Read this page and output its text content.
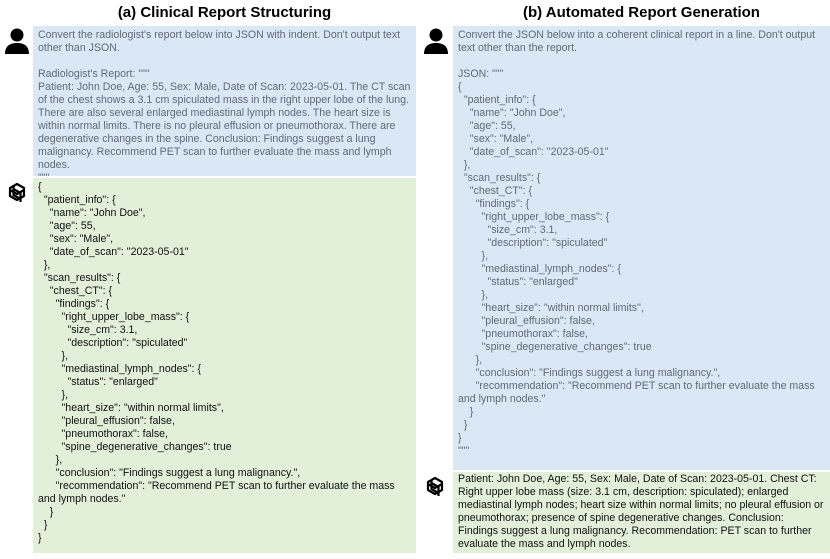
(a) Clinical Report Structuring
Convert the radiologist's report below into JSON with indent. Don't output text other than JSON.

Radiologist's Report: """
Patient: John Doe, Age: 55, Sex: Male, Date of Scan: 2023-05-01. The CT scan of the chest shows a 3.1 cm spiculated mass in the right upper lobe of the lung. There are also several enlarged mediastinal lymph nodes. The heart size is within normal limits. There is no pleural effusion or pneumothorax. There are degenerative changes in the spine. Conclusion: Findings suggest a lung malignancy. Recommend PET scan to further evaluate the mass and lymph nodes.

{
"patient_info": {
"name": "John Doe",
"age": 55,
"sex": "Male",
"date_of_scan": "2023-05-01"
},
"scan_results": {
"chest_CT": {
"findings": {
"right_upper_lobe_mass": {
"size_cm": 3.1,
"description": "spiculated"
},
"mediastinal_lymph_nodes": {
"status": "enlarged"
},
"heart_size": "within normal limits",
"pleural_effusion": false,
"pneumothorax": false,
"spine_degenerative_changes": true
},
"conclusion": "Findings suggest a lung malignancy.",
"recommendation": "Recommend PET scan to further evaluate the mass and lymph nodes."
}
}
}
(b) Automated Report Generation
Convert the JSON below into a coherent clinical report in a line. Don't output text other than the report.

JSON: """
{
"patient_info": {
"name": "John Doe",
"age": 55,
"sex": "Male",
"date_of_scan": "2023-05-01"
},
"scan_results": {
"chest_CT": {
"findings": {
"right_upper_lobe_mass": {
"size_cm": 3.1,
"description": "spiculated"
},
"mediastinal_lymph_nodes": {
"status": "enlarged"
},
"heart_size": "within normal limits",
"pleural_effusion": false,
"pneumothorax": false,
"spine_degenerative_changes": true
},
"conclusion": "Findings suggest a lung malignancy.",
"recommendation": "Recommend PET scan to further evaluate the mass and lymph nodes."
}
}
}
"""
Patient: John Doe, Age: 55, Sex: Male, Date of Scan: 2023-05-01. Chest CT: Right upper lobe mass (size: 3.1 cm, description: spiculated); enlarged mediastinal lymph nodes; heart size within normal limits; no pleural effusion or pneumothorax; presence of spine degenerative changes. Conclusion: Findings suggest a lung malignancy. Recommendation: PET scan to further evaluate the mass and lymph nodes.
